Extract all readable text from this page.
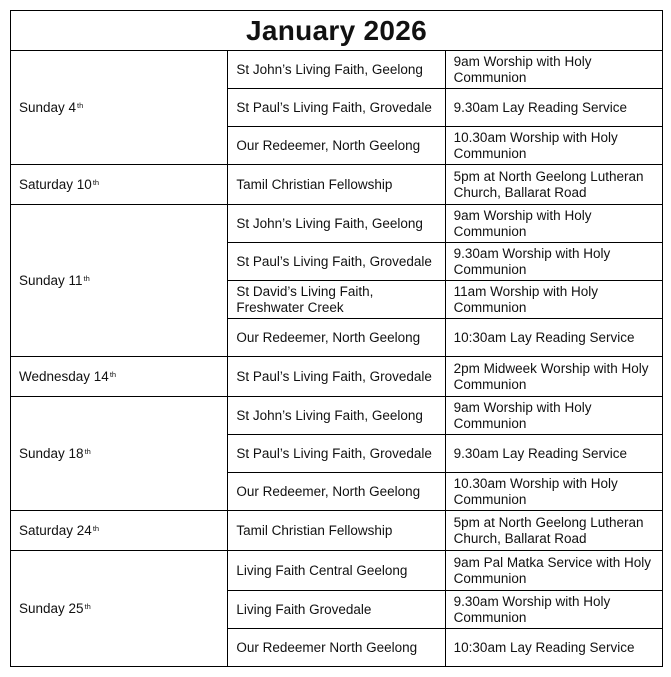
January 2026		
Sunday 4th	St John’s Living Faith, Geelong	9am Worship with Holy Communion
	St Paul’s Living Faith, Grovedale	9.30am Lay Reading Service
	Our Redeemer, North Geelong	10.30am Worship with Holy Communion
Saturday 10th	Tamil Christian Fellowship	5pm at North Geelong Lutheran Church, Ballarat Road
Sunday 11th	St John’s Living Faith, Geelong	9am Worship with Holy Communion
	St Paul’s Living Faith, Grovedale	9.30am Worship with Holy Communion
	St David’s Living Faith, Freshwater Creek	11am Worship with Holy Communion
	Our Redeemer, North Geelong	10:30am Lay Reading Service
Wednesday 14th	St Paul’s Living Faith, Grovedale	2pm Midweek Worship with Holy Communion
Sunday 18th	St John’s Living Faith, Geelong	9am Worship with Holy Communion
	St Paul’s Living Faith, Grovedale	9.30am Lay Reading Service
	Our Redeemer, North Geelong	10.30am Worship with Holy Communion
Saturday 24th	Tamil Christian Fellowship	5pm at North Geelong Lutheran Church, Ballarat Road
Sunday 25th	Living Faith Central Geelong	9am Pal Matka Service with Holy Communion
	Living Faith Grovedale	9.30am Worship with Holy Communion
	Our Redeemer North Geelong	10:30am Lay Reading Service
